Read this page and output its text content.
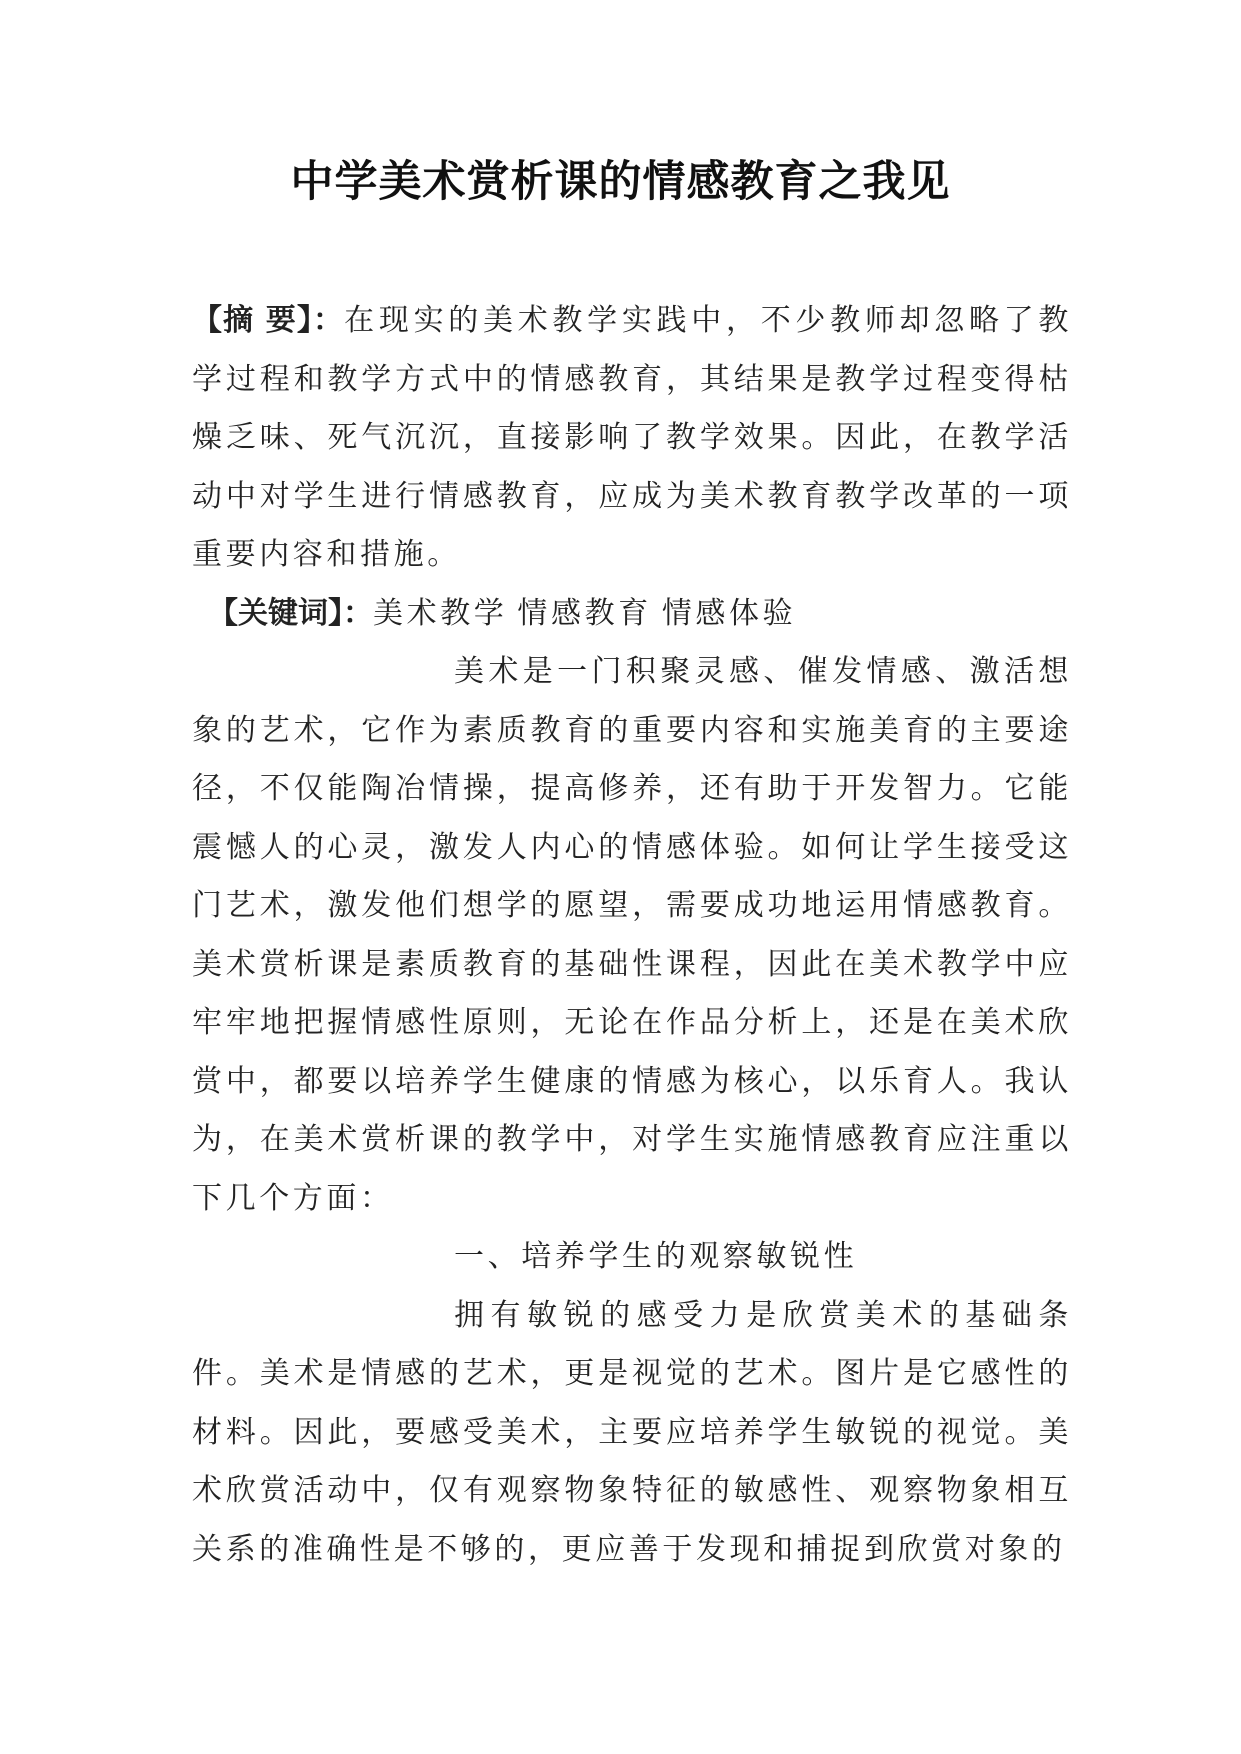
中学美术赏析课的情感教育之我见

【摘 要】：在现实的美术教学实践中，不少教师却忽略了教学过程和教学方式中的情感教育，其结果是教学过程变得枯燥乏味、死气沉沉，直接影响了教学效果。因此，在教学活动中对学生进行情感教育，应成为美术教育教学改革的一项重要内容和措施。

【关键词】：美术教学 情感教育 情感体验

美术是一门积聚灵感、催发情感、激活想象的艺术，它作为素质教育的重要内容和实施美育的主要途径，不仅能陶冶情操，提高修养，还有助于开发智力。它能震憾人的心灵，激发人内心的情感体验。如何让学生接受这门艺术，激发他们想学的愿望，需要成功地运用情感教育。美术赏析课是素质教育的基础性课程，因此在美术教学中应牢牢地把握情感性原则，无论在作品分析上，还是在美术欣赏中，都要以培养学生健康的情感为核心，以乐育人。我认为，在美术赏析课的教学中，对学生实施情感教育应注重以下几个方面：

一、培养学生的观察敏锐性

拥有敏锐的感受力是欣赏美术的基础条件。美术是情感的艺术，更是视觉的艺术。图片是它感性的材料。因此，要感受美术，主要应培养学生敏锐的视觉。美术欣赏活动中，仅有观察物象特征的敏感性、观察物象相互关系的准确性是不够的，更应善于发现和捕捉到欣赏对象的
